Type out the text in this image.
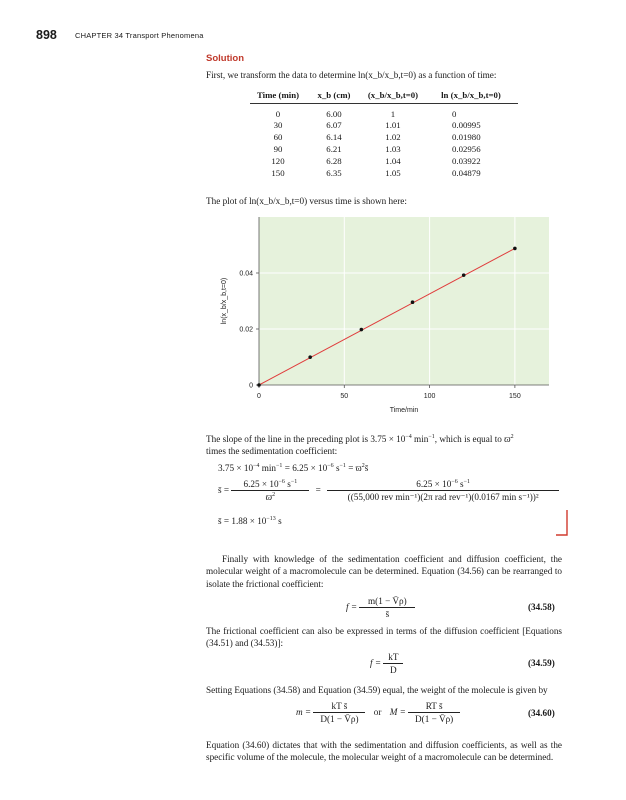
898 CHAPTER 34 Transport Phenomena
Solution
First, we transform the data to determine ln(x_b/x_b,t=0) as a function of time:
Time (min)	x_b (cm)	(x_b/x_b,t=0)	ln (x_b/x_b,t=0)
0	6.00	1	0
30	6.07	1.01	0.00995
60	6.14	1.02	0.01980
90	6.21	1.03	0.02956
120	6.28	1.04	0.03922
150	6.35	1.05	0.04879
The plot of ln(x_b/x_b,t=0) versus time is shown here:
0	50	100	150
0
0.02
0.04
Time/min
ln(x_b/x_b,t=0)
The slope of the line in the preceding plot is $3.75 \times 10^{-4}$ $\min^{-1}$, which is equal to $ϖ^2$
times the sedimentation coefficient:
$3.75 \times 10^{-4}$ $\min^{-1} = 6.25 \times 10^{-6}$ $s^{-1}$ = $ϖ^2s̄$
s̄ = $\frac{6.25 \times 10^{-6} s^{-1}}{ϖ^2} = \frac{6.25 \times 10^{-6} s^{-1}}{\text{((55,000 rev min⁻¹)(2π rad rev⁻¹)(0.0167 min s⁻¹))²}}$
s̄ = $1.88 \times 10^{-13}$ s
Finally with knowledge of the sedimentation coefficient and diffusion coefficient, the molecular weight of a macromolecule can be determined. Equation (34.56) can be rearranged to isolate the frictional coefficient:
$f = \frac{m(1 - V̄\rho)}{s̄}$	(34.58)
The frictional coefficient can also be expressed in terms of the diffusion coefficient [Equations (34.51) and (34.53)]:
$f = \frac{kT}{D}$	(34.59)
Setting Equations (34.58) and Equation (34.59) equal, the weight of the molecule is given by
$m = \frac{\text{kT s̄}}{D(1 - V̄\rho)}$ or $M = \frac{\text{RT s̄}}{D(1 - V̄\rho)}$	(34.60)
Equation (34.60) dictates that with the sedimentation and diffusion coefficients, as well as the specific volume of the molecule, the molecular weight of a macromolecule can be determined.
